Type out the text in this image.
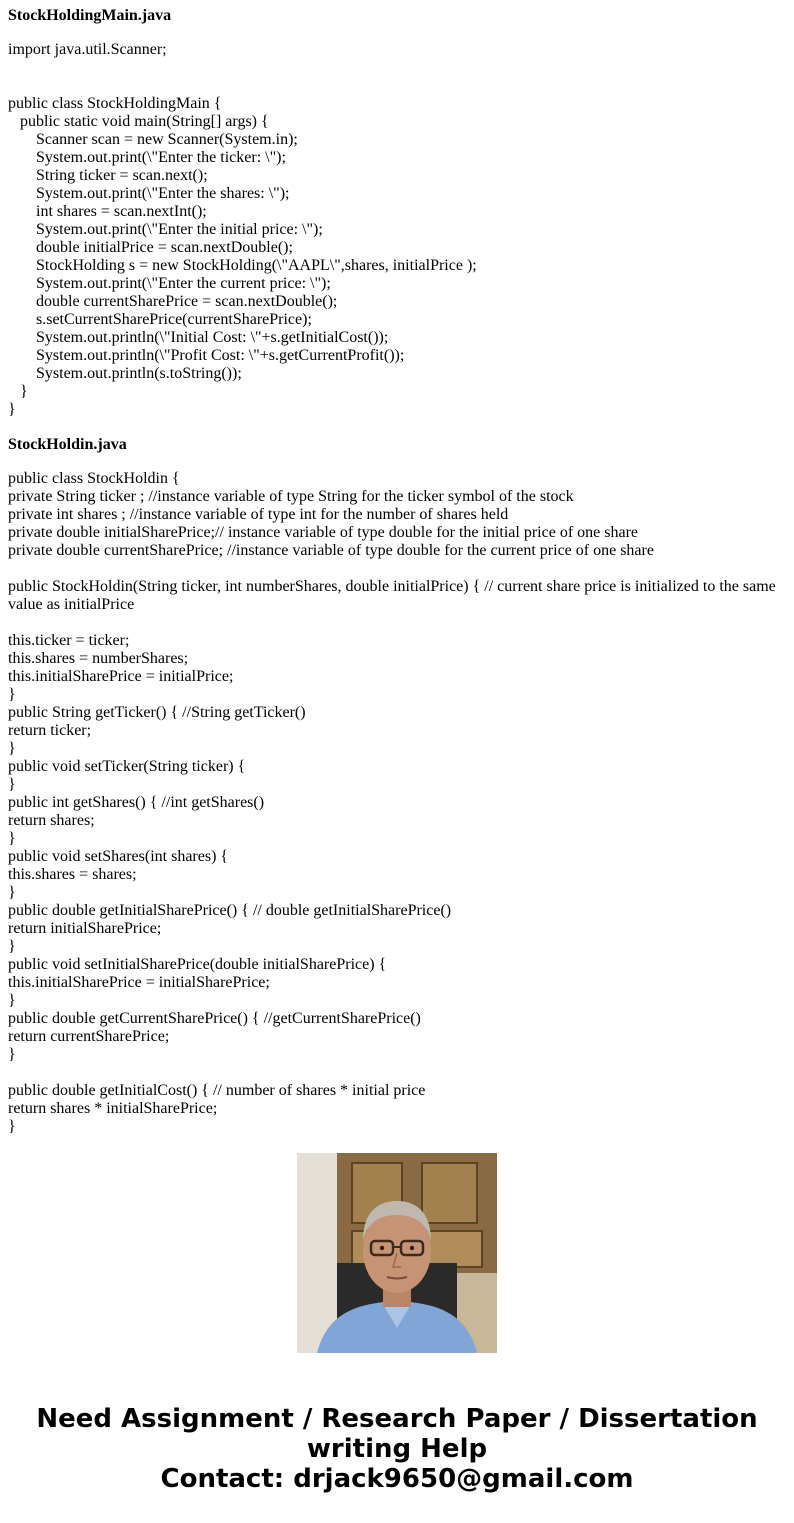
StockHoldingMain.java
import java.util.Scanner;
public class StockHoldingMain {
public static void main(String[] args) {
Scanner scan = new Scanner(System.in);
System.out.print(\"Enter the ticker: \");
String ticker = scan.next();
System.out.print(\"Enter the shares: \");
int shares = scan.nextInt();
System.out.print(\"Enter the initial price: \");
double initialPrice = scan.nextDouble();
StockHolding s = new StockHolding(\"AAPL\",shares, initialPrice );
System.out.print(\"Enter the current price: \");
double currentSharePrice = scan.nextDouble();
s.setCurrentSharePrice(currentSharePrice);
System.out.println(\"Initial Cost: \"+s.getInitialCost());
System.out.println(\"Profit Cost: \"+s.getCurrentProfit());
System.out.println(s.toString());
}
}
StockHoldin.java
public class StockHoldin {
private String ticker ; //instance variable of type String for the ticker symbol of the stock
private int shares ; //instance variable of type int for the number of shares held
private double initialSharePrice;// instance variable of type double for the initial price of one share
private double currentSharePrice; //instance variable of type double for the current price of one share
public StockHoldin(String ticker, int numberShares, double initialPrice) { // current share price is initialized to the same value as initialPrice
this.ticker = ticker;
this.shares = numberShares;
this.initialSharePrice = initialPrice;
}
public String getTicker() { //String getTicker()
return ticker;
}
public void setTicker(String ticker) {
}
public int getShares() { //int getShares()
return shares;
}
public void setShares(int shares) {
this.shares = shares;
}
public double getInitialSharePrice() { // double getInitialSharePrice()
return initialSharePrice;
}
public void setInitialSharePrice(double initialSharePrice) {
this.initialSharePrice = initialSharePrice;
}
public double getCurrentSharePrice() { //getCurrentSharePrice()
return currentSharePrice;
}
public double getInitialCost() { // number of shares * initial price
return shares * initialSharePrice;
}
Need Assignment / Research Paper / Dissertation
writing Help
Contact: drjack9650@gmail.com
